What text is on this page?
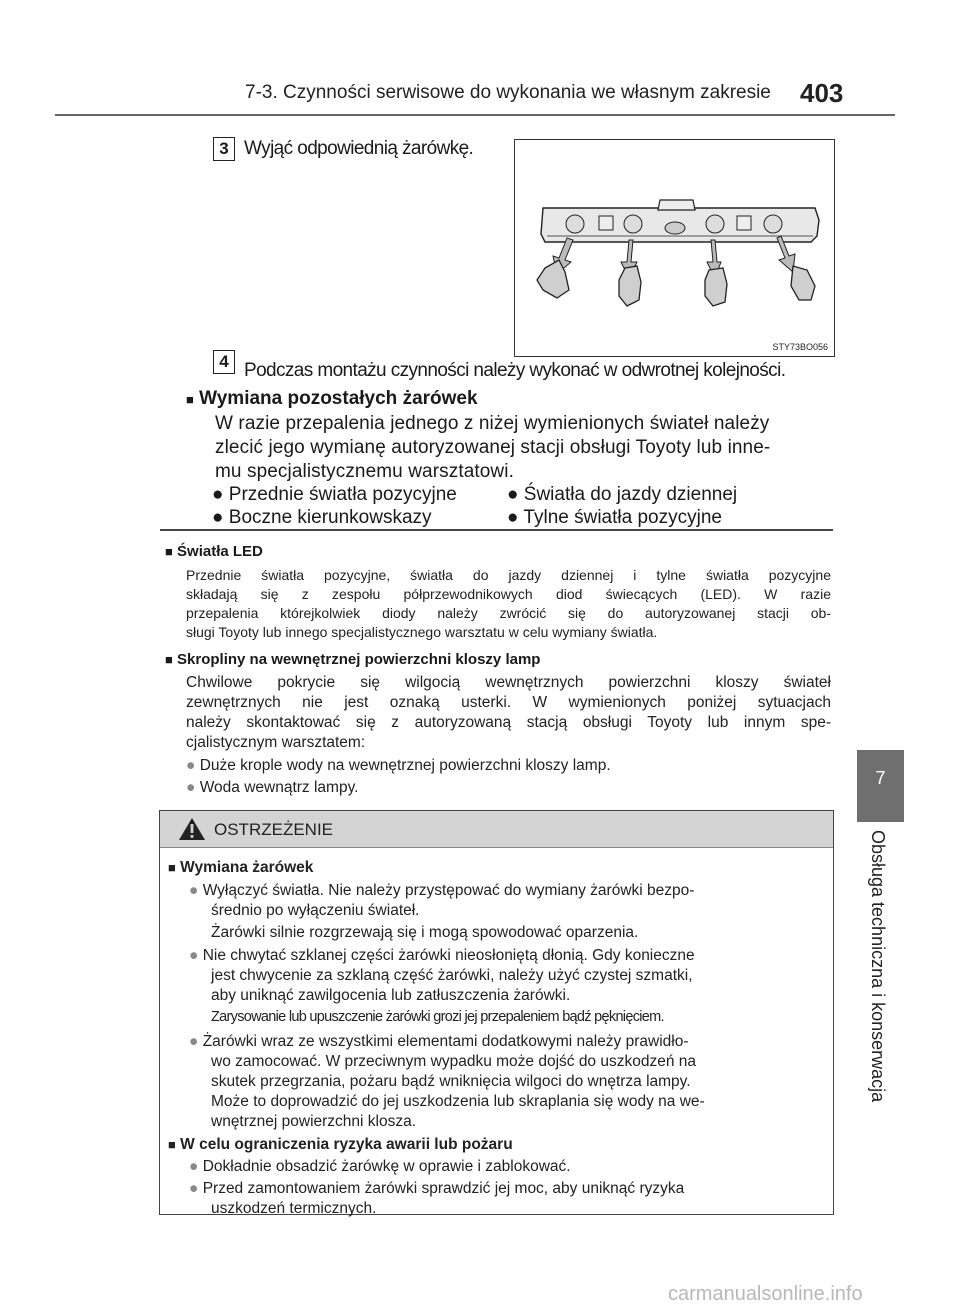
7-3. Czynności serwisowe do wykonania we własnym zakresie 403
7
Obsługa techniczna i konserwacja
3 Wyjąć odpowiednią żarówkę.
STY73BO056
4 Podczas montażu czynności należy wykonać w odwrotnej kolejności.
■ Wymiana pozostałych żarówek
W razie przepalenia jednego z niżej wymienionych świateł należy
zlecić jego wymianę autoryzowanej stacji obsługi Toyoty lub inne-
mu specjalistycznemu warsztatowi.
● Przednie światła pozycyjne	● Światła do jazdy dziennej
● Boczne kierunkowskazy	● Tylne światła pozycyjne
■ Światła LED
Przednie światła pozycyjne, światła do jazdy dziennej i tylne światła pozycyjne
składają się z zespołu półprzewodnikowych diod świecących (LED). W razie
przepalenia którejkolwiek diody należy zwrócić się do autoryzowanej stacji ob-
sługi Toyoty lub innego specjalistycznego warsztatu w celu wymiany światła.
■ Skropliny na wewnętrznej powierzchni kloszy lamp
Chwilowe pokrycie się wilgocią wewnętrznych powierzchni kloszy świateł
zewnętrznych nie jest oznaką usterki. W wymienionych poniżej sytuacjach
należy skontaktować się z autoryzowaną stacją obsługi Toyoty lub innym spe-
cjalistycznym warsztatem:
● Duże krople wody na wewnętrznej powierzchni kloszy lamp.
● Woda wewnątrz lampy.
OSTRZEŻENIE
■ Wymiana żarówek
● Wyłączyć światła. Nie należy przystępować do wymiany żarówki bezpo-
średnio po wyłączeniu świateł.
Żarówki silnie rozgrzewają się i mogą spowodować oparzenia.
● Nie chwytać szklanej części żarówki nieosłoniętą dłonią. Gdy konieczne
jest chwycenie za szklaną część żarówki, należy użyć czystej szmatki,
aby uniknąć zawilgocenia lub zatłuszczenia żarówki.
Zarysowanie lub upuszczenie żarówki grozi jej przepaleniem bądź pęknięciem.
● Żarówki wraz ze wszystkimi elementami dodatkowymi należy prawidło-
wo zamocować. W przeciwnym wypadku może dojść do uszkodzeń na
skutek przegrzania, pożaru bądź wniknięcia wilgoci do wnętrza lampy.
Może to doprowadzić do jej uszkodzenia lub skraplania się wody na we-
wnętrznej powierzchni klosza.
■ W celu ograniczenia ryzyka awarii lub pożaru
● Dokładnie obsadzić żarówkę w oprawie i zablokować.
● Przed zamontowaniem żarówki sprawdzić jej moc, aby uniknąć ryzyka
uszkodzeń termicznych.
carmanualsonline.info
